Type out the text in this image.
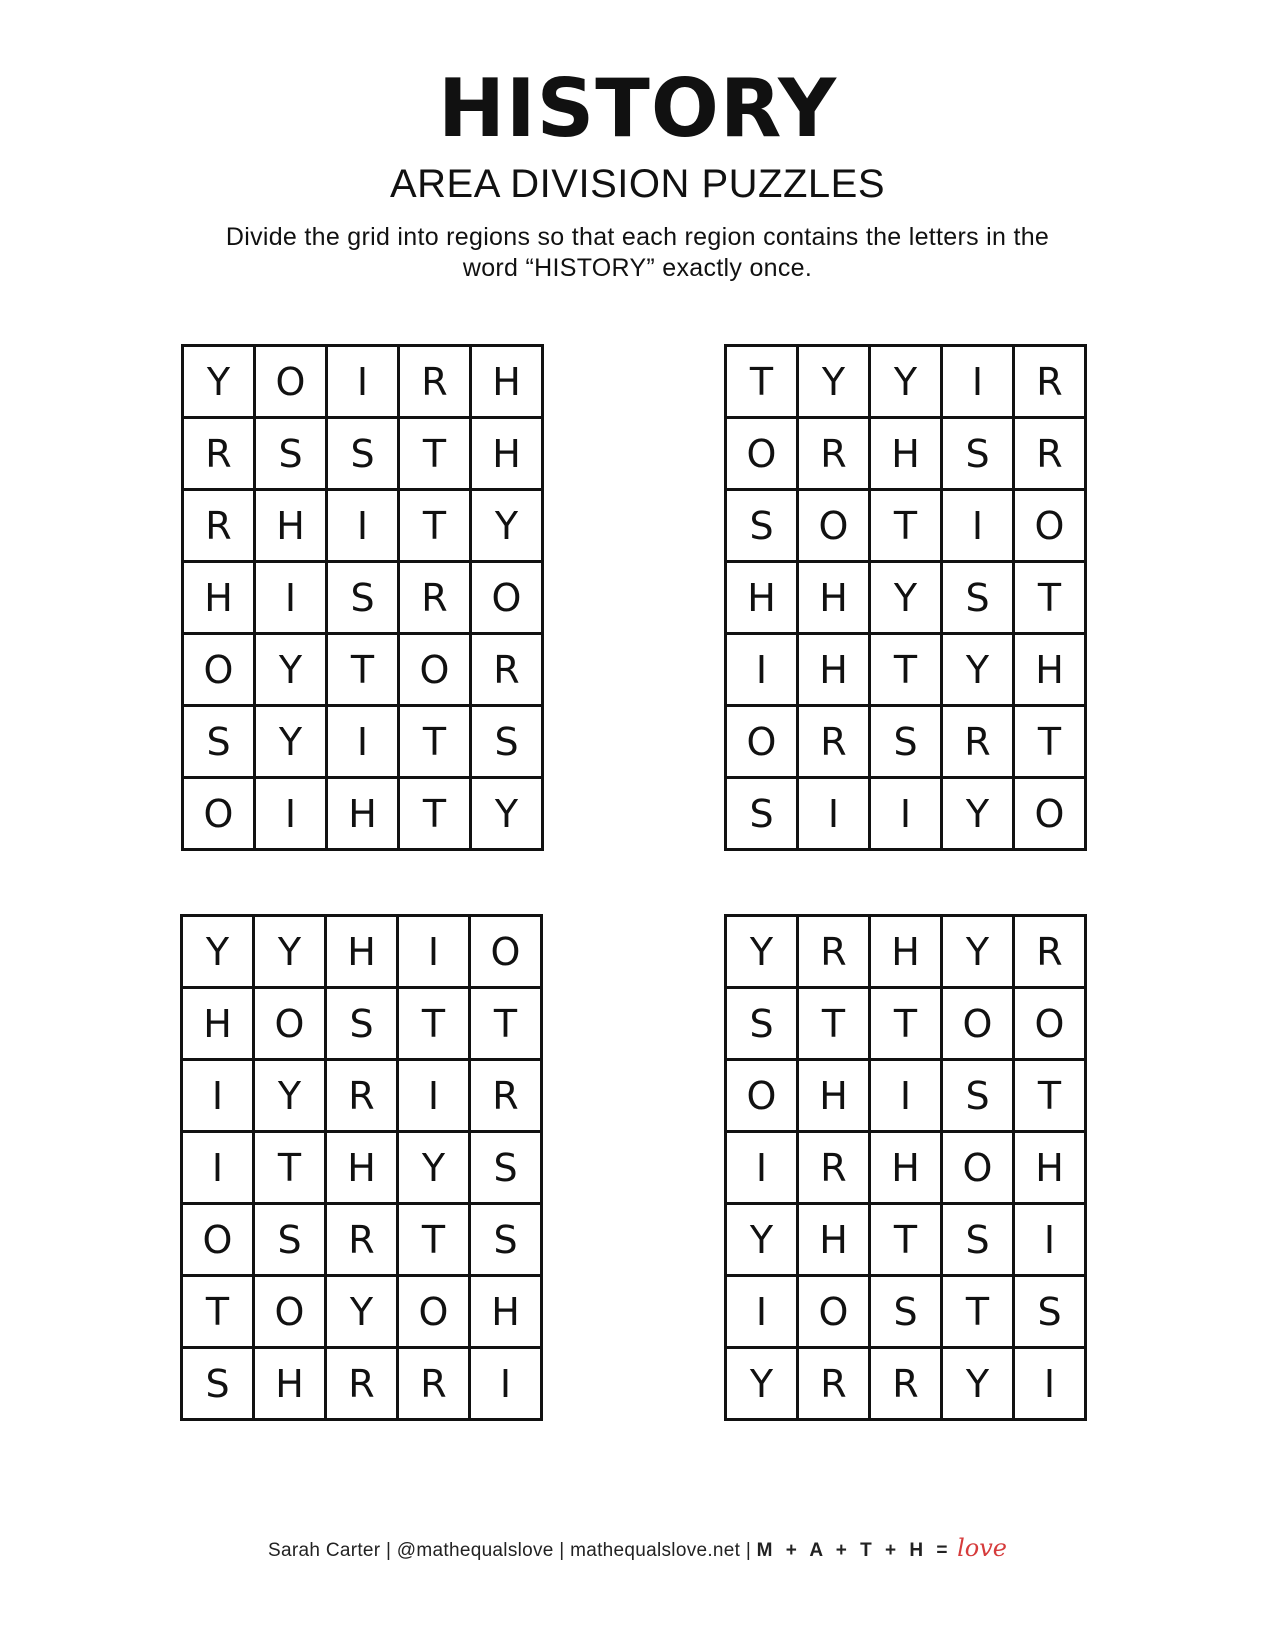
HISTORY
AREA DIVISION PUZZLES
Divide the grid into regions so that each region contains the letters in the
word “HISTORY” exactly once.
Y	O	I	R	H
R	S	S	T	H
R	H	I	T	Y
H	I	S	R	O
O	Y	T	O	R
S	Y	I	T	S
O	I	H	T	Y
T	Y	Y	I	R
O	R	H	S	R
S	O	T	I	O
H	H	Y	S	T
I	H	T	Y	H
O	R	S	R	T
S	I	I	Y	O
Y	Y	H	I	O
H	O	S	T	T
I	Y	R	I	R
I	T	H	Y	S
O	S	R	T	S
T	O	Y	O	H
S	H	R	R	I
Y	R	H	Y	R
S	T	T	O	O
O	H	I	S	T
I	R	H	O	H
Y	H	T	S	I
I	O	S	T	S
Y	R	R	Y	I
Sarah Carter | @mathequalslove | mathequalslove.net | M + A + T + H = love
